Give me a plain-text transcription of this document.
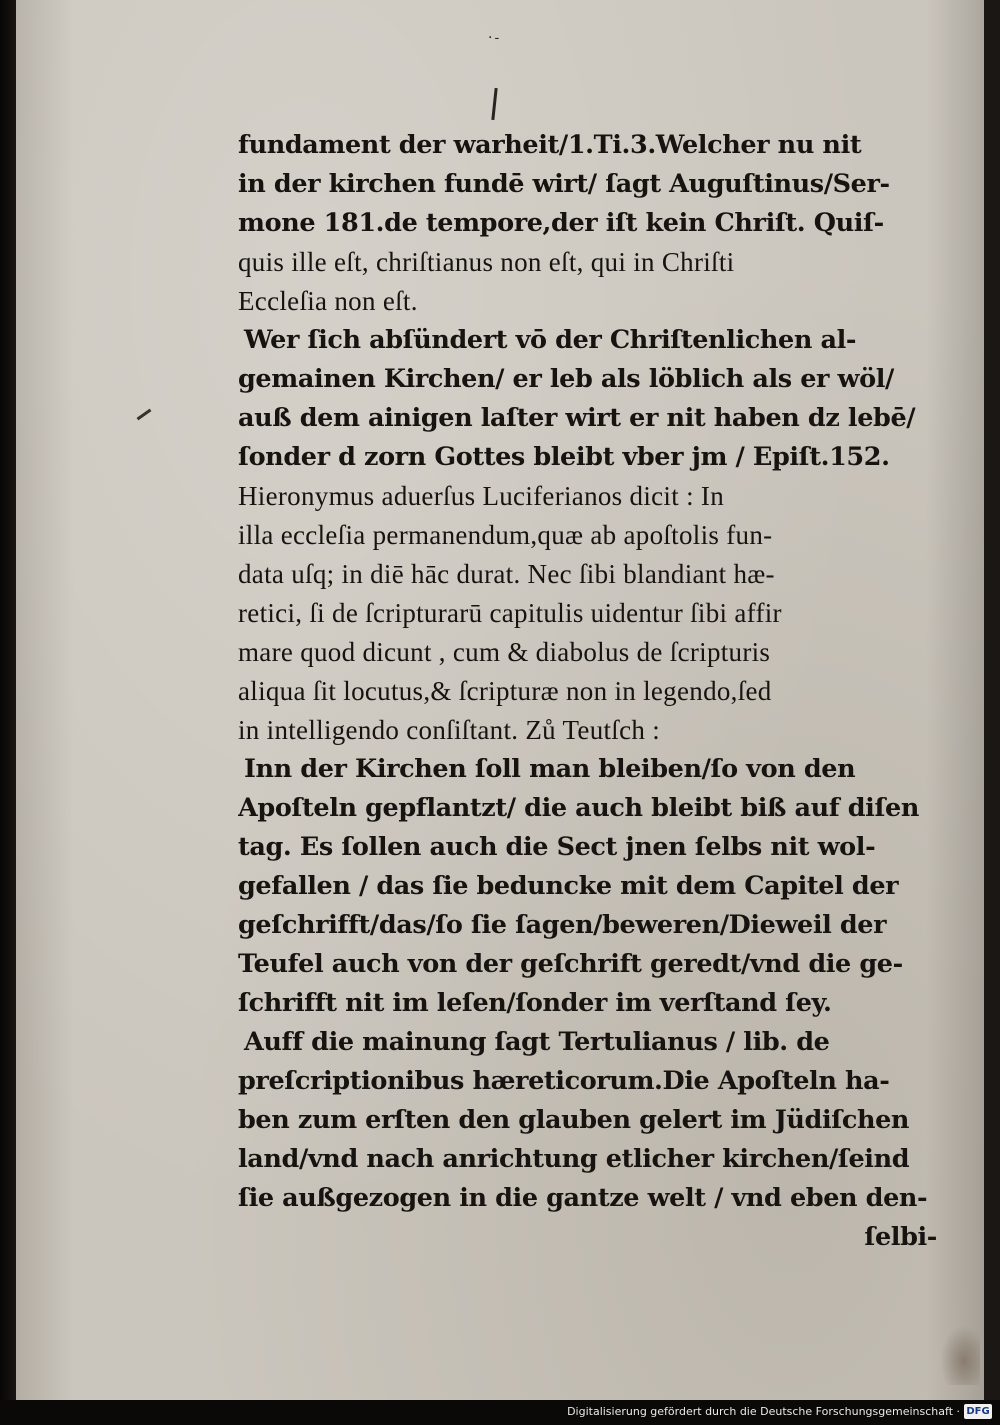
·-
fundament der warheit/1.Ti.3.Welcher nu nit
in der kirchen fundē wirt/ ſagt Auguſtinus/Ser-
mone 181.de tempore,der iſt kein Chriſt. Quiſ-
quis ille eſt, chriſtianus non eſt, qui in Chriſti
Eccleſia non eſt.
Wer ſich abſündert vō der Chriſtenlichen al-
gemainen Kirchen/ er leb als löblich als er wöl/
auß dem ainigen laſter wirt er nit haben dz lebē/
ſonder d zorn Gottes bleibt vber jm / Epiſt.152.
Hieronymus aduerſus Luciferianos dicit : In
illa eccleſia permanendum,quæ ab apoſtolis fun-
data uſq; in diē hāc durat. Nec ſibi blandiant hæ-
retici, ſi de ſcripturarū capitulis uidentur ſibi affir
mare quod dicunt , cum & diabolus de ſcripturis
aliqua ſit locutus,& ſcripturæ non in legendo,ſed
in intelligendo conſiſtant. Zů Teutſch :
Inn der Kirchen ſoll man bleiben/ſo von den
Apoſteln gepflantzt/ die auch bleibt biß auf diſen
tag. Es ſollen auch die Sect jnen ſelbs nit wol-
gefallen / das ſie beduncke mit dem Capitel der
geſchrifft/das/ſo ſie ſagen/beweren/Dieweil der
Teufel auch von der geſchrift geredt/vnd die ge-
ſchrifft nit im leſen/ſonder im verſtand ſey.
Auff die mainung ſagt Tertulianus / lib. de
preſcriptionibus hæreticorum.Die Apoſteln ha-
ben zum erſten den glauben gelert im Jüdiſchen
land/vnd nach anrichtung etlicher kirchen/ſeind
ſie außgezogen in die gantze welt / vnd eben den-
ſelbi-
Digitalisierung gefördert durch die Deutsche Forschungsgemeinschaft · DFG
